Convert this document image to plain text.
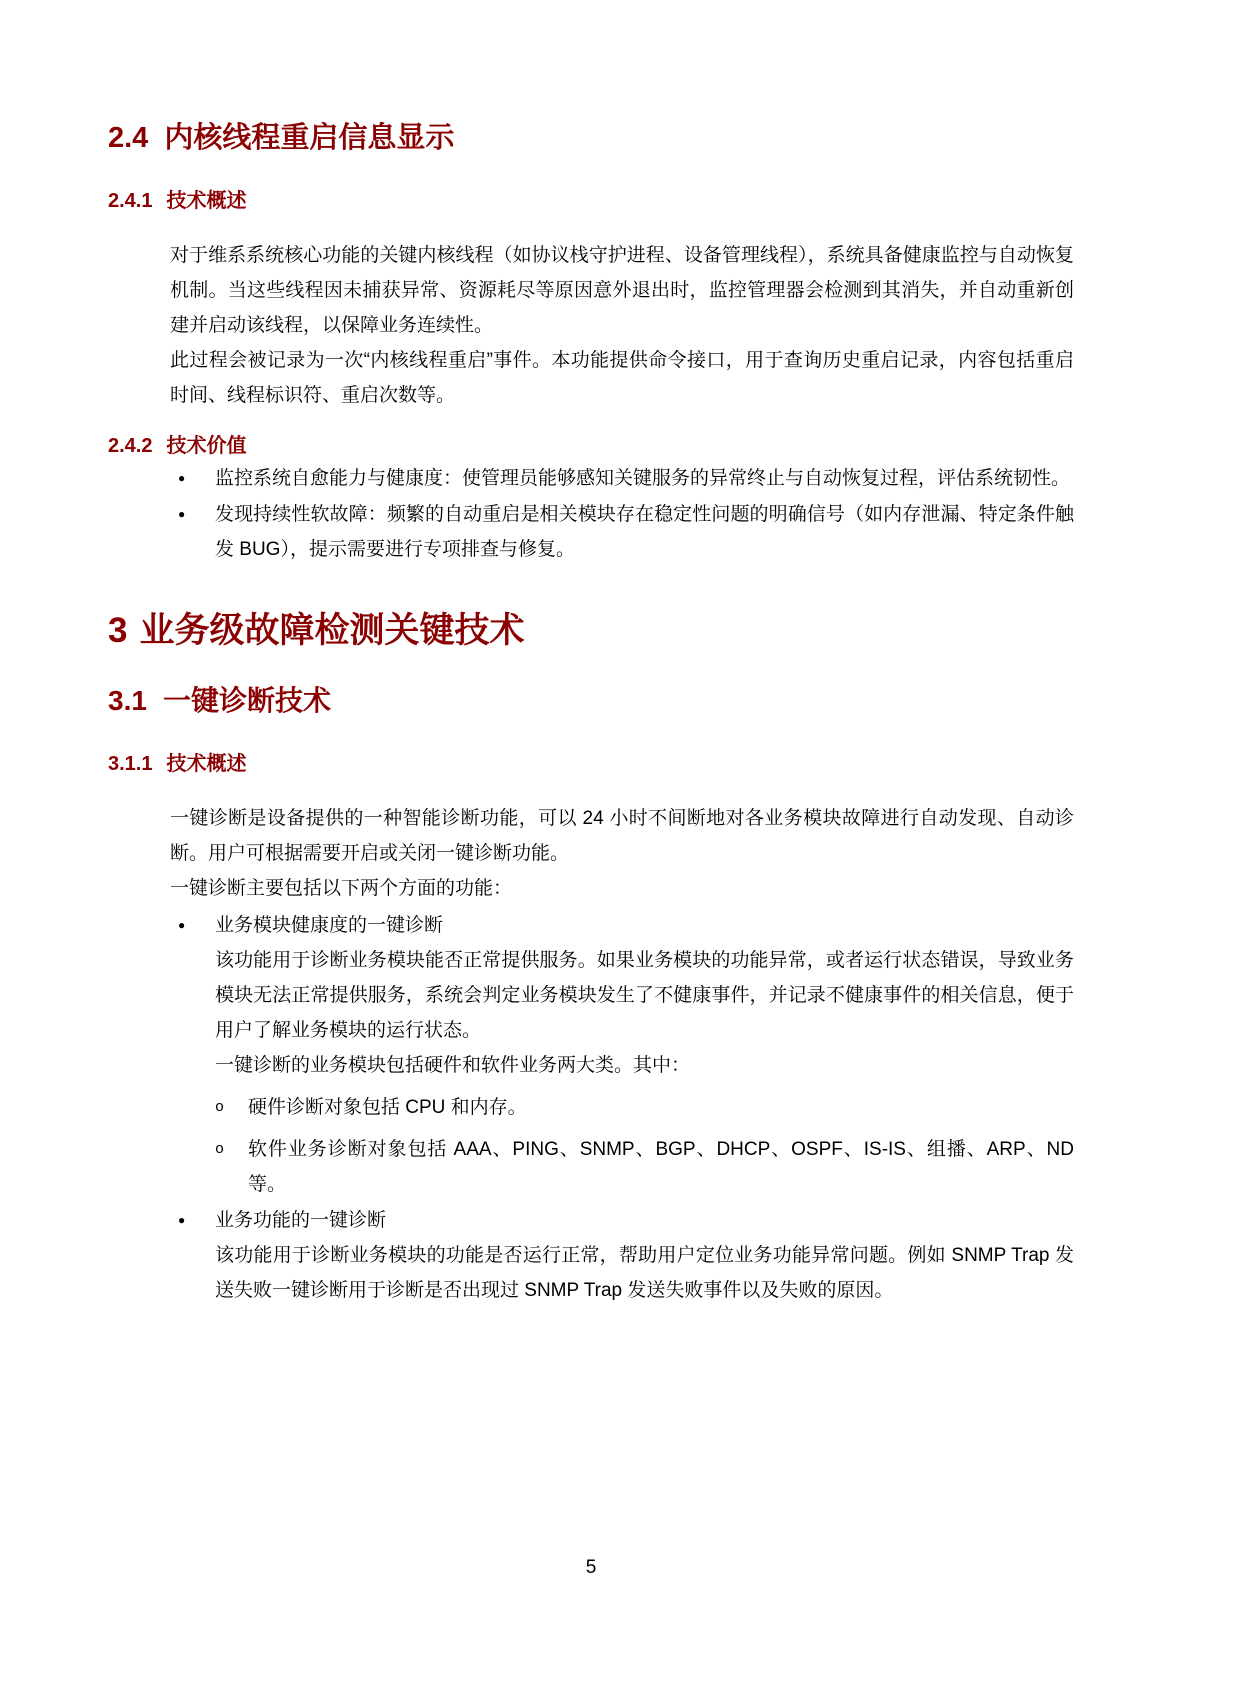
2.4 内核线程重启信息显示
2.4.1 技术概述

对于维系系统核心功能的关键内核线程（如协议栈守护进程、设备管理线程），系统具备健康监控与自动恢复机制。当这些线程因未捕获异常、资源耗尽等原因意外退出时，监控管理器会检测到其消失，并自动重新创建并启动该线程，以保障业务连续性。

此过程会被记录为一次“内核线程重启”事件。本功能提供命令接口，用于查询历史重启记录，内容包括重启时间、线程标识符、重启次数等。

2.4.2 技术价值
●	监控系统自愈能力与健康度：使管理员能够感知关键服务的异常终止与自动恢复过程，评估系统韧性。

●	发现持续性软故障：频繁的自动重启是相关模块存在稳定性问题的明确信号（如内存泄漏、特定条件触发 BUG），提示需要进行专项排查与修复。

3 业务级故障检测关键技术
3.1 一键诊断技术
3.1.1 技术概述

一键诊断是设备提供的一种智能诊断功能，可以 24 小时不间断地对各业务模块故障进行自动发现、自动诊断。用户可根据需要开启或关闭一键诊断功能。

一键诊断主要包括以下两个方面的功能：

●	业务模块健康度的一键诊断

该功能用于诊断业务模块能否正常提供服务。如果业务模块的功能异常，或者运行状态错误，导致业务模块无法正常提供服务，系统会判定业务模块发生了不健康事件，并记录不健康事件的相关信息，便于用户了解业务模块的运行状态。

一键诊断的业务模块包括硬件和软件业务两大类。其中：

o	硬件诊断对象包括 CPU 和内存。

o	软件业务诊断对象包括 AAA、PING、SNMP、BGP、DHCP、OSPF、IS-IS、组播、ARP、ND 等。

●	业务功能的一键诊断

该功能用于诊断业务模块的功能是否运行正常，帮助用户定位业务功能异常问题。例如 SNMP Trap 发送失败一键诊断用于诊断是否出现过 SNMP Trap 发送失败事件以及失败的原因。

5
